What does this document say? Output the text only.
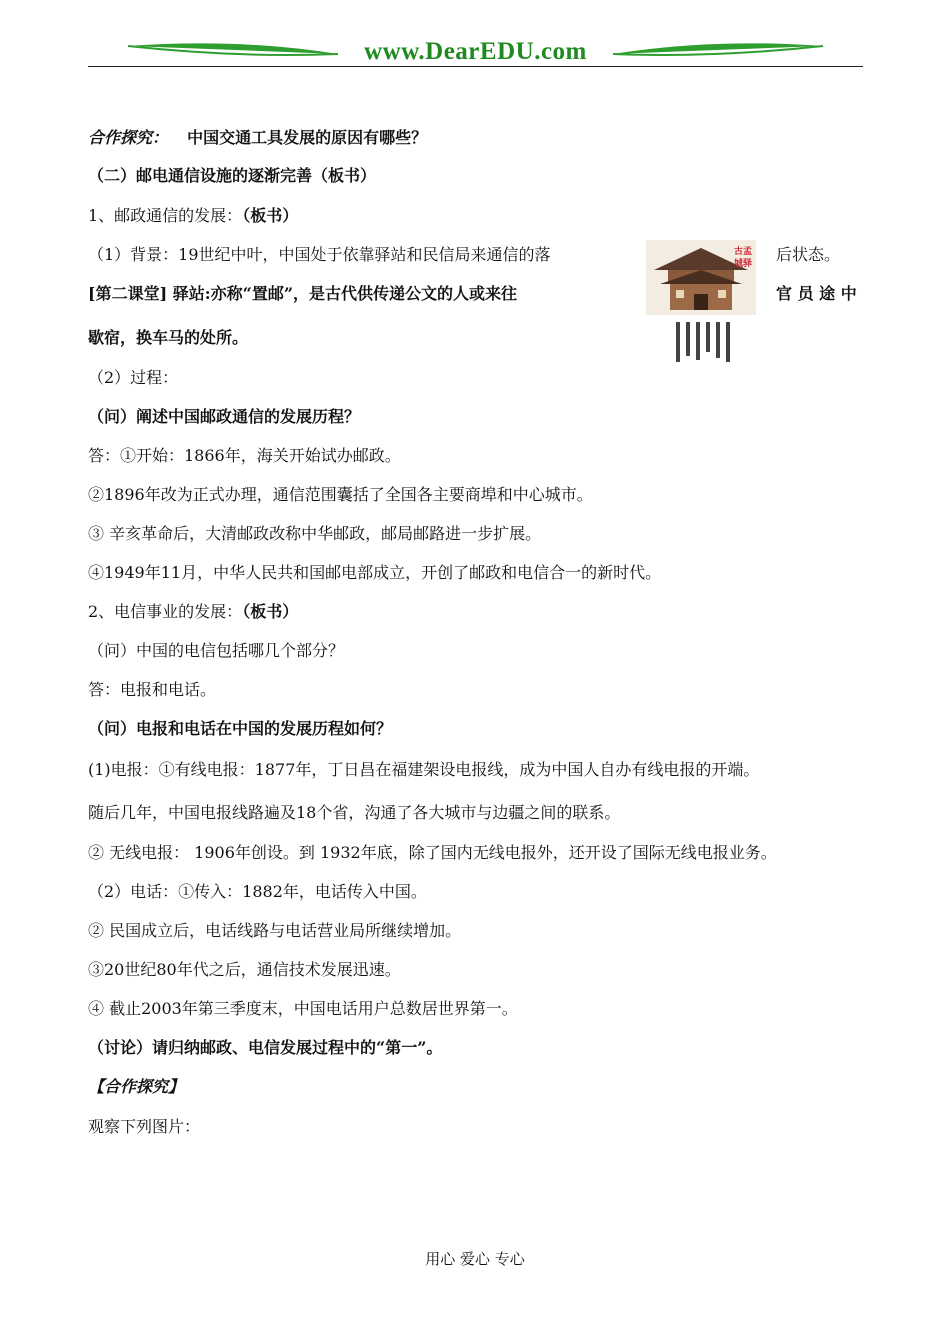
www.DearEDU.com
合作探究： 中国交通工具发展的原因有哪些？
（二）邮电通信设施的逐渐完善（板书）
1、邮政通信的发展：（板书）
（1）背景：19世纪中叶，中国处于依靠驿站和民信局来通信的落	后状态。
[第二课堂] 驿站:亦称“置邮”，是古代供传递公文的人或来往	官 员 途 中
歇宿，换车马的处所。
古孟
城驿
（2）过程：
（问）阐述中国邮政通信的发展历程？
答：①开始：1866年，海关开始试办邮政。
②1896年改为正式办理，通信范围囊括了全国各主要商埠和中心城市。
③ 辛亥革命后，大清邮政改称中华邮政，邮局邮路进一步扩展。
④1949年11月，中华人民共和国邮电部成立，开创了邮政和电信合一的新时代。
2、电信事业的发展：（板书）
（问）中国的电信包括哪几个部分？
答：电报和电话。
（问）电报和电话在中国的发展历程如何？
(1)电报：①有线电报：1877年，丁日昌在福建架设电报线，成为中国人自办有线电报的开端。
随后几年，中国电报线路遍及18个省，沟通了各大城市与边疆之间的联系。
② 无线电报： 1906年创设。到 1932年底，除了国内无线电报外，还开设了国际无线电报业务。
（2）电话：①传入：1882年，电话传入中国。
② 民国成立后，电话线路与电话营业局所继续增加。
③20世纪80年代之后，通信技术发展迅速。
④ 截止2003年第三季度末，中国电话用户总数居世界第一。
（讨论）请归纳邮政、电信发展过程中的“第一”。
【合作探究】
观察下列图片：
用心 爱心 专心
